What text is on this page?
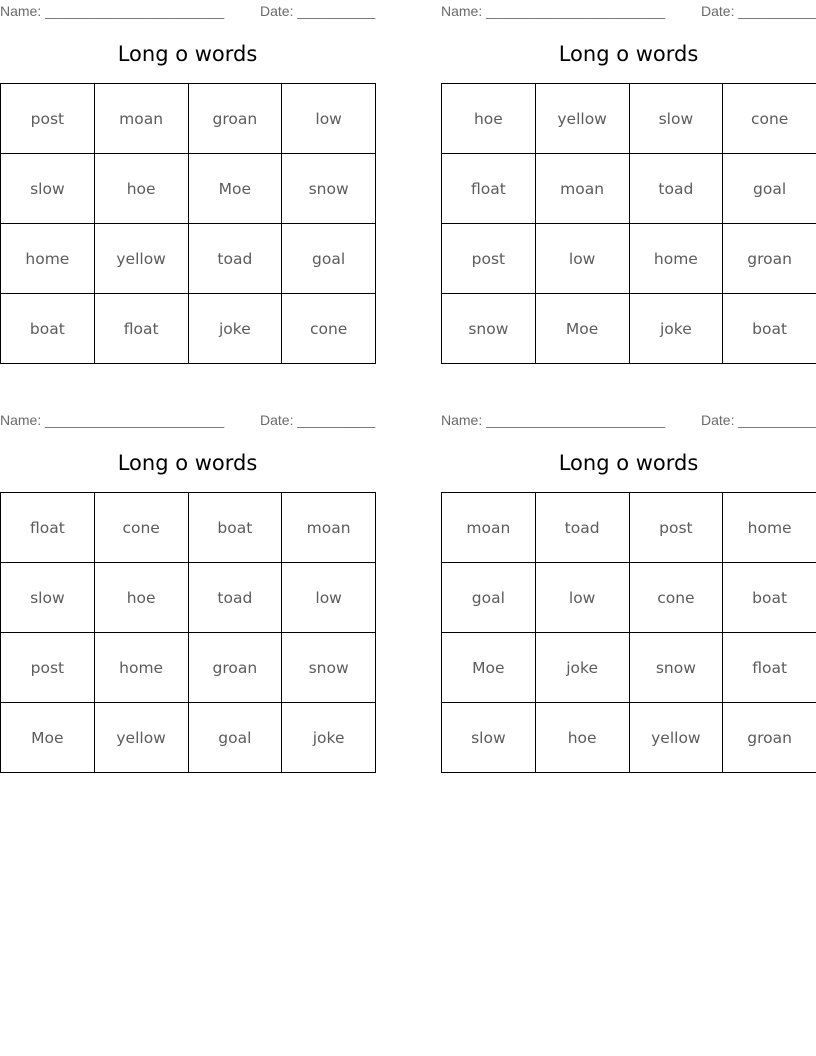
Name: _______________________	Date: __________
Long o words
post	moan	groan	low
slow	hoe	Moe	snow
home	yellow	toad	goal
boat	float	joke	cone
Name: _______________________	Date: __________
Long o words
hoe	yellow	slow	cone
float	moan	toad	goal
post	low	home	groan
snow	Moe	joke	boat
Name: _______________________	Date: __________
Long o words
float	cone	boat	moan
slow	hoe	toad	low
post	home	groan	snow
Moe	yellow	goal	joke
Name: _______________________	Date: __________
Long o words
moan	toad	post	home
goal	low	cone	boat
Moe	joke	snow	float
slow	hoe	yellow	groan
